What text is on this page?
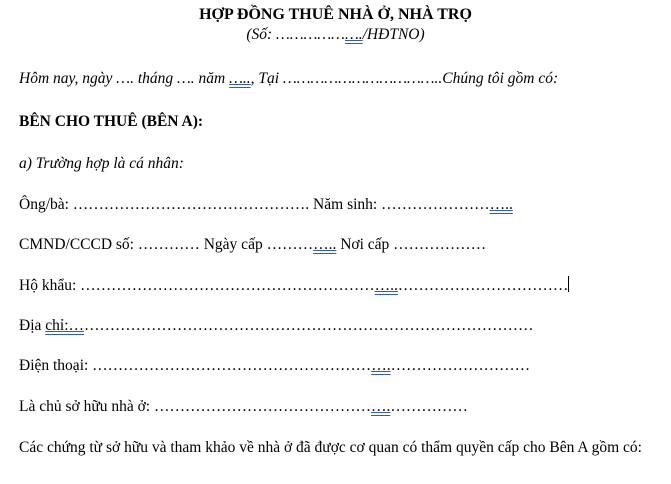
HỢP ĐỒNG THUÊ NHÀ Ở, NHÀ TRỌ
(Số: ………………./HĐTNO)
Hôm nay, ngày …. tháng …. năm ….., Tại ……………………………..Chúng tôi gồm có:
BÊN CHO THUÊ (BÊN A):
a) Trường hợp là cá nhân:
Ông/bà: ………………………………………. Năm sinh: ……………………..
CMND/CCCD số: ………… Ngày cấp ………….. Nơi cấp ………………
Hộ khẩu: ……………………………………………………..……………………………
Địa chỉ:………………………………………………………………………………
Điện thoại: ………………………………………………….………………………
Là chủ sở hữu nhà ở: ……………………………………….……………
Các chứng từ sở hữu và tham khảo về nhà ở đã được cơ quan có thẩm quyền cấp cho Bên A gồm có:
